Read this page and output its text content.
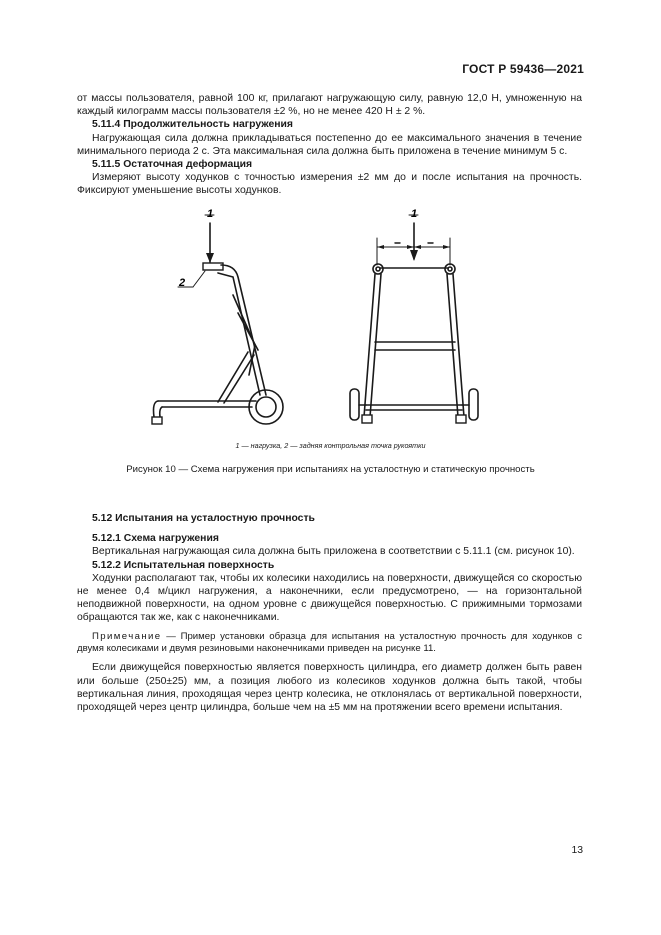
ГОСТ Р 59436—2021

от массы пользователя, равной 100 кг, прилагают нагружающую силу, равную 12,0 Н, умноженную на каждый килограмм массы пользователя ±2 %, но не менее 420 Н ± 2 %.

5.11.4 Продолжительность нагружения

Нагружающая сила должна прикладываться постепенно до ее максимального значения в течение минимального периода 2 с. Эта максимальная сила должна быть приложена в течение минимум 5 с.

5.11.5 Остаточная деформация

Измеряют высоту ходунков с точностью измерения ±2 мм до и после испытания на прочность. Фиксируют уменьшение высоты ходунков.

1
2
1
1 — нагрузка, 2 — задняя контрольная точка рукоятки
Рисунок 10 — Схема нагружения при испытаниях на усталостную и статическую прочность

5.12 Испытания на усталостную прочность

5.12.1 Схема нагружения

Вертикальная нагружающая сила должна быть приложена в соответствии с 5.11.1 (см. рисунок 10).

5.12.2 Испытательная поверхность

Ходунки располагают так, чтобы их колесики находились на поверхности, движущейся со скоростью не менее 0,4 м/цикл нагружения, а наконечники, если предусмотрено, — на горизонтальной неподвижной поверхности, на одном уровне с движущейся поверхностью. С прижимными тормозами обращаются так же, как с наконечниками.

Примечание — Пример установки образца для испытания на усталостную прочность для ходунков с двумя колесиками и двумя резиновыми наконечниками приведен на рисунке 11.

Если движущейся поверхностью является поверхность цилиндра, его диаметр должен быть равен или больше (250±25) мм, а позиция любого из колесиков ходунков должна быть такой, чтобы вертикальная линия, проходящая через центр колесика, не отклонялась от вертикальной поверхности, проходящей через центр цилиндра, больше чем на ±5 мм на протяжении всего времени испытания.

13
